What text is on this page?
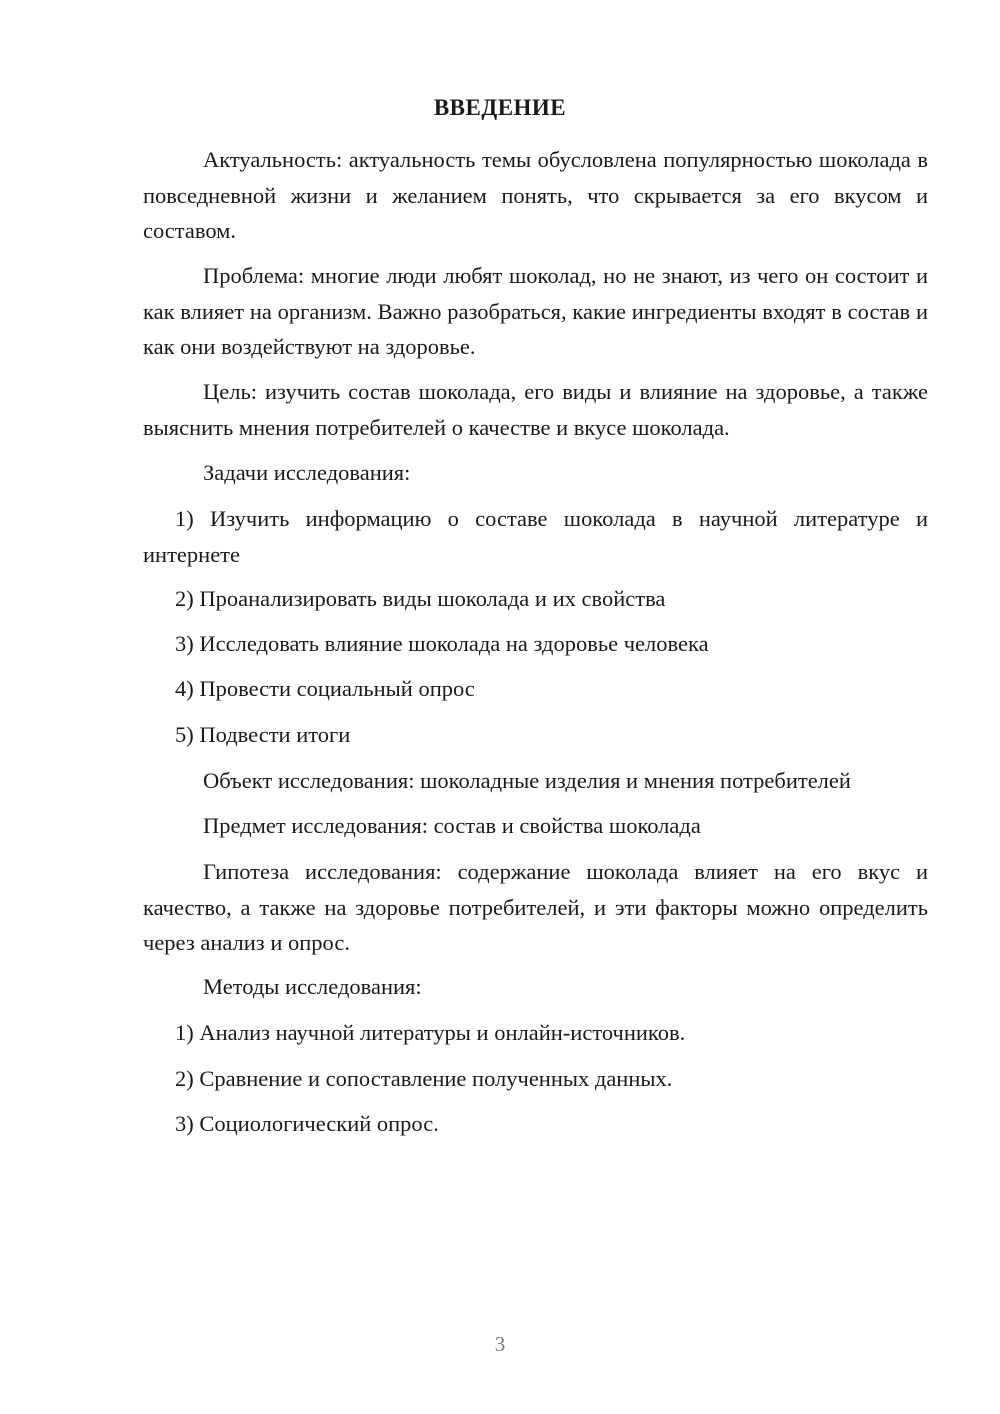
ВВЕДЕНИЕ

Актуальность: актуальность темы обусловлена популярностью шоколада в повседневной жизни и желанием понять, что скрывается за его вкусом и составом.

Проблема: многие люди любят шоколад, но не знают, из чего он состоит и как влияет на организм. Важно разобраться, какие ингредиенты входят в состав и как они воздействуют на здоровье.

Цель: изучить состав шоколада, его виды и влияние на здоровье, а также выяснить мнения потребителей о качестве и вкусе шоколада.

Задачи исследования:

1) Изучить информацию о составе шоколада в научной литературе и интернете

2) Проанализировать виды шоколада и их свойства

3) Исследовать влияние шоколада на здоровье человека

4) Провести социальный опрос

5) Подвести итоги

Объект исследования: шоколадные изделия и мнения потребителей

Предмет исследования: состав и свойства шоколада

Гипотеза исследования: содержание шоколада влияет на его вкус и качество, а также на здоровье потребителей, и эти факторы можно определить через анализ и опрос.

Методы исследования:

1) Анализ научной литературы и онлайн-источников.

2) Сравнение и сопоставление полученных данных.

3) Социологический опрос.

3
